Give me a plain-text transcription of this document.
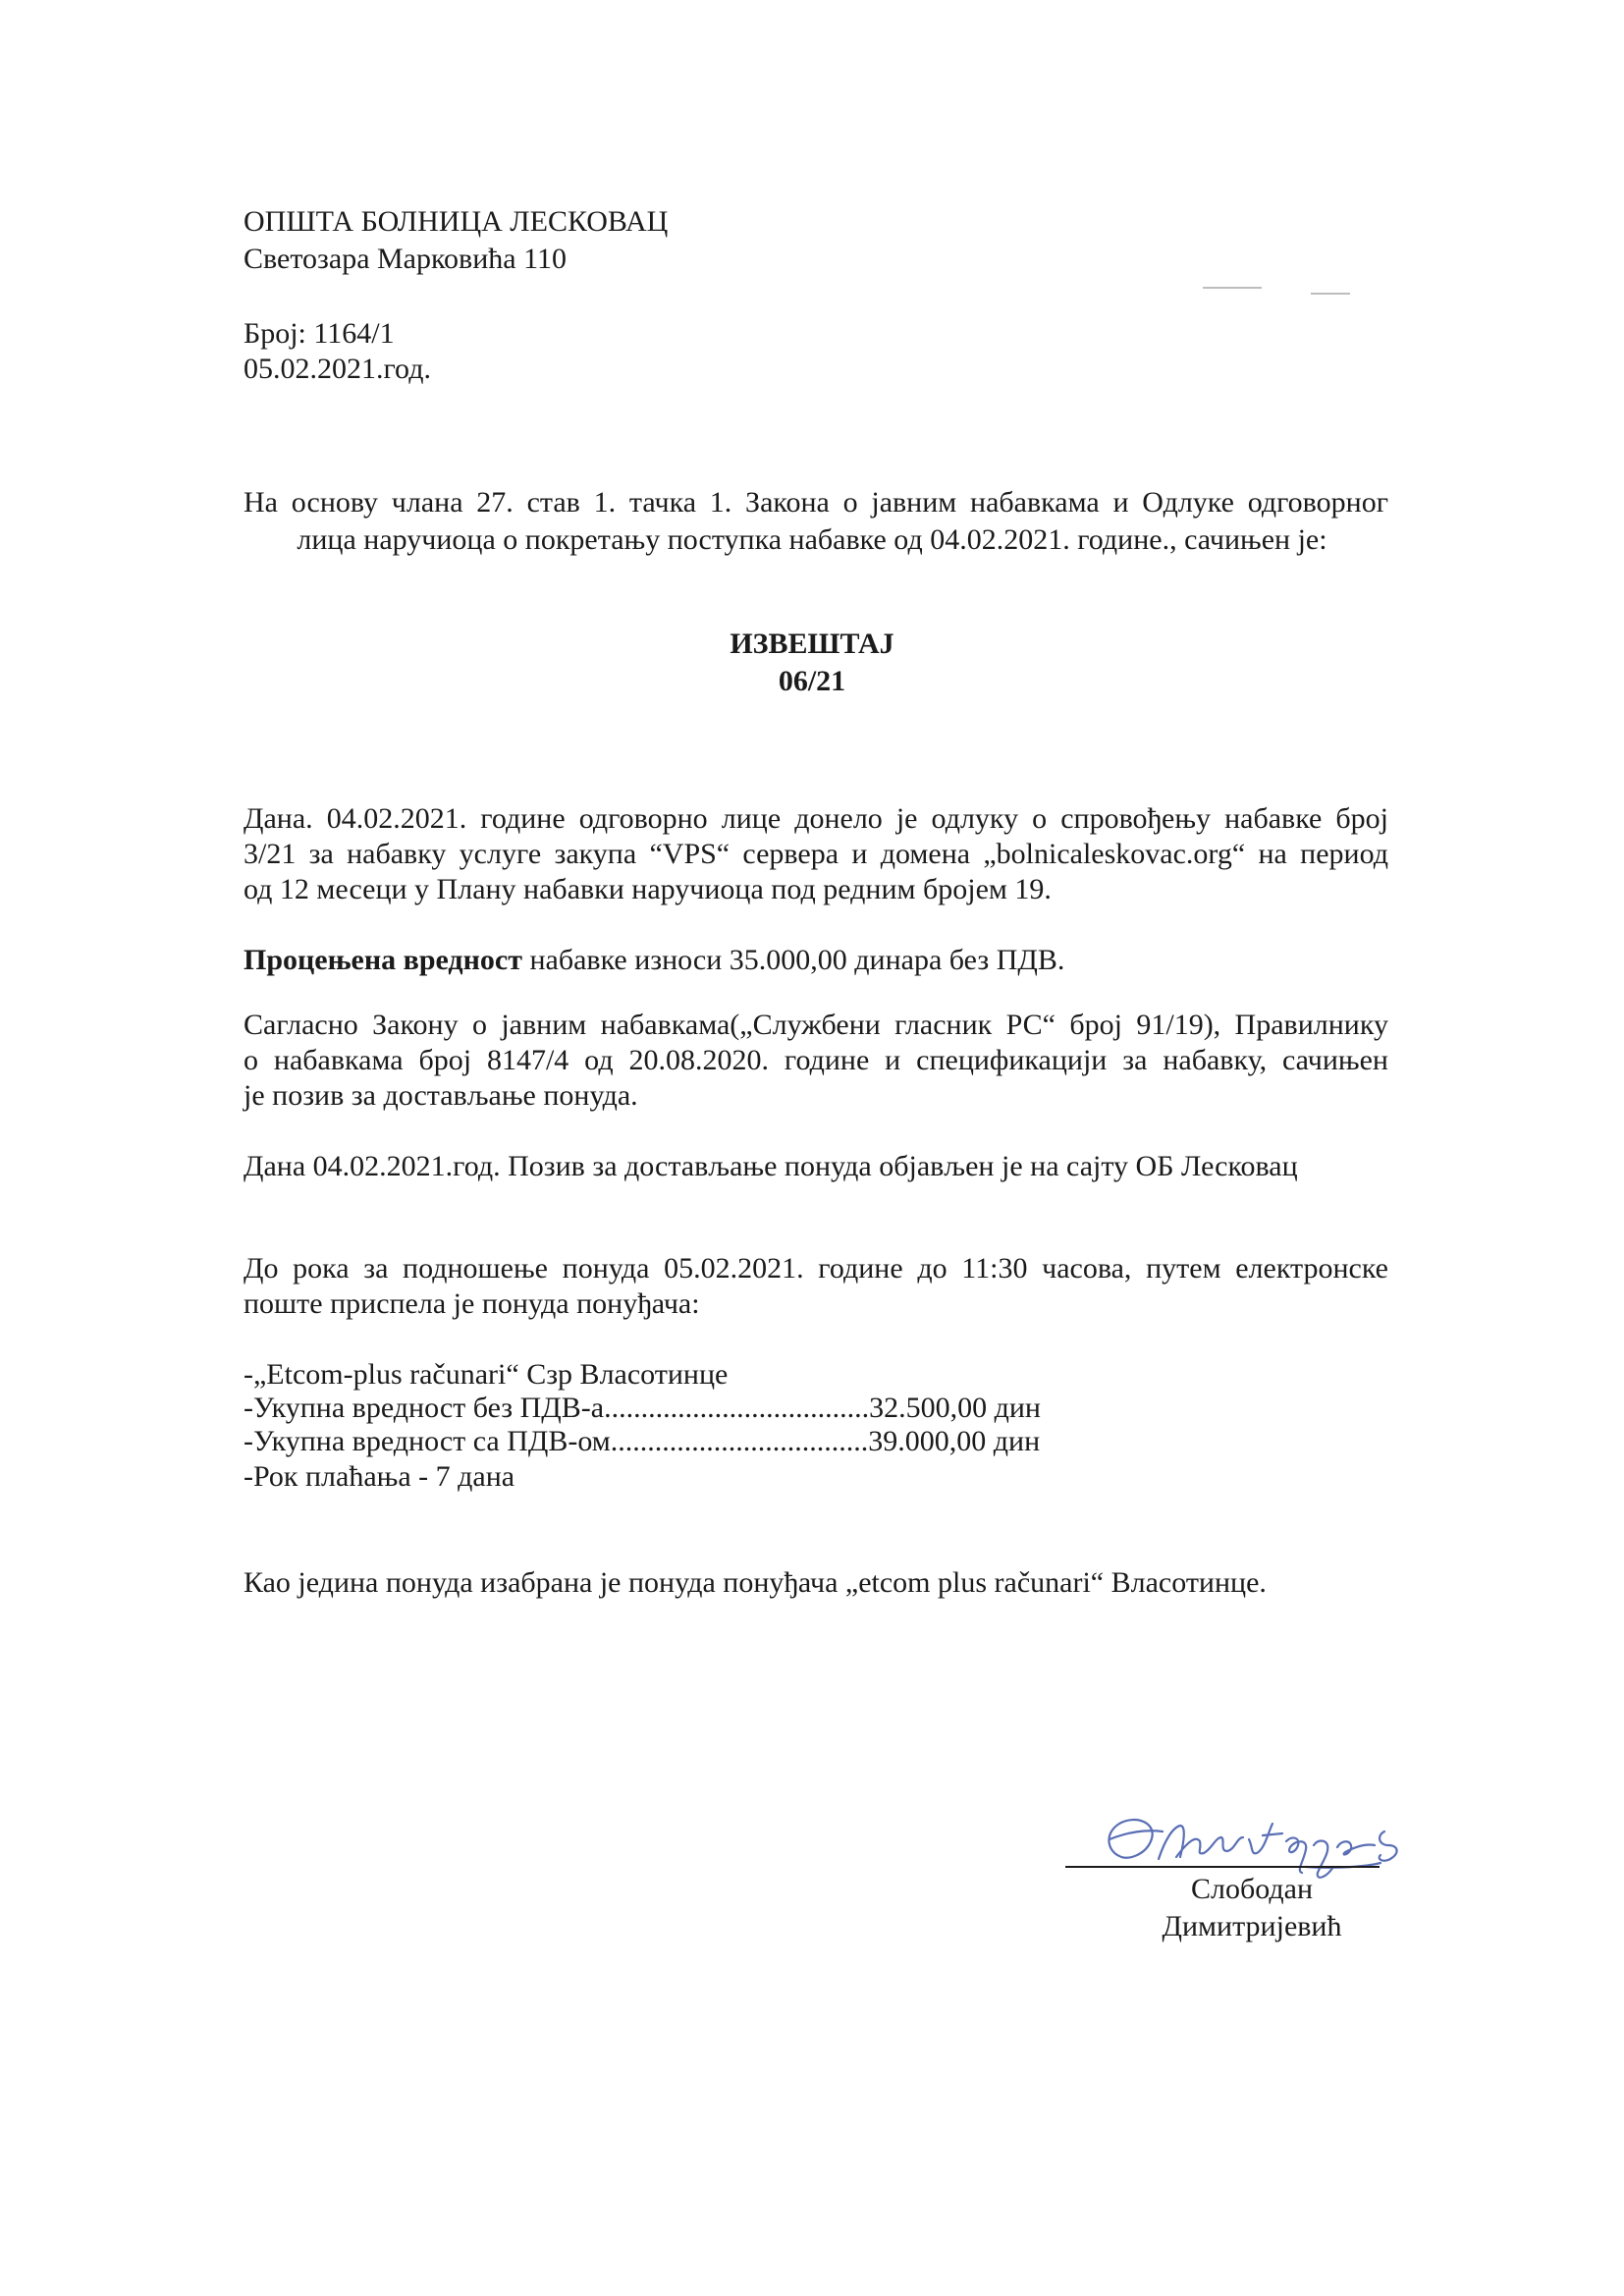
ОПШТА БОЛНИЦА ЛЕСКОВАЦ
Светозара Марковића 110
Број: 1164/1
05.02.2021.год.
На основу члана 27. став 1. тачка 1. Закона о јавним набавкама и Одлуке одговорног
лица наручиоца о покретању поступка набавке од 04.02.2021. године., сачињен је:
ИЗВЕШТАЈ
06/21
Дана. 04.02.2021. године одговорно лице донело је одлуку о спровођењу набавке број
3/21 за набавку услуге закупа “VPS“ сервера и домена „bolnicaleskovac.org“ на период
од 12 месеци у Плану набавки наручиоца под редним бројем 19.
Процењена вредност набавке износи 35.000,00 динара без ПДВ.
Сагласно Закону о јавним набавкама(„Службени гласник РС“ број 91/19), Правилнику
о набавкама број 8147/4 од 20.08.2020. године и спецификацији за набавку, сачињен
је позив за достављање понуда.
Дана 04.02.2021.год. Позив за достављање понуда објављен је на сајту ОБ Лесковац
До рока за подношење понуда 05.02.2021. године до 11:30 часова, путем електронске
поште приспела је понуда понуђача:
-„Etcom-plus računari“ Сзр Власотинце
-Укупна вредност без ПДВ-а....................................32.500,00 дин
-Укупна вредност са ПДВ-ом...................................39.000,00 дин
-Рок плаћања - 7 дана
Као једина понуда изабрана је понуда понуђача „etcom plus računari“ Власотинце.
Слободан
Димитријевић
